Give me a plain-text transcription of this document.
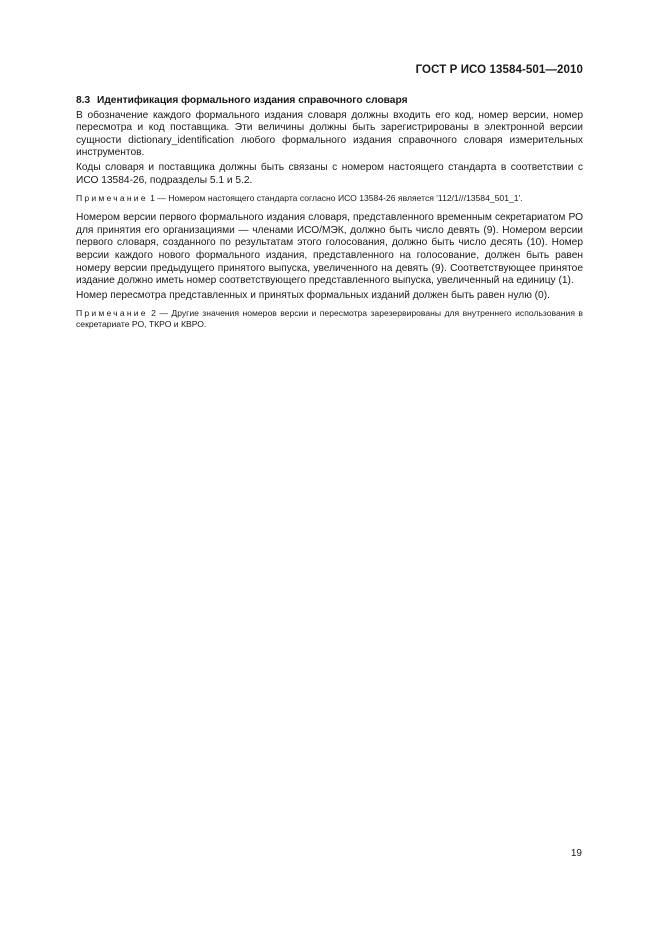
ГОСТ Р ИСО 13584-501—2010
8.3 Идентификация формального издания справочного словаря

В обозначение каждого формального издания словаря должны входить его код, номер версии, номер пересмотра и код поставщика. Эти величины должны быть зарегистрированы в электронной версии сущности dictionary_identification любого формального издания справочного словаря измерительных инструментов.

Коды словаря и поставщика должны быть связаны с номером настоящего стандарта в соответствии с ИСО 13584-26, подразделы 5.1 и 5.2.

Примечание 1 — Номером настоящего стандарта согласно ИСО 13584-26 является '112/1///13584_501_1'.

Номером версии первого формального издания словаря, представленного временным секретариатом РО для принятия его организациями — членами ИСО/МЭК, должно быть число девять (9). Номером версии первого словаря, созданного по результатам этого голосования, должно быть число десять (10). Номер версии каждого нового формального издания, представленного на голосование, должен быть равен номеру версии предыдущего принятого выпуска, увеличенного на девять (9). Соответствующее принятое издание должно иметь номер соответствующего представленного выпуска, увеличенный на единицу (1).

Номер пересмотра представленных и принятых формальных изданий должен быть равен нулю (0).

Примечание 2 — Другие значения номеров версии и пересмотра зарезервированы для внутреннего использования в секретариате РО, ТКРО и КВРО.

19
